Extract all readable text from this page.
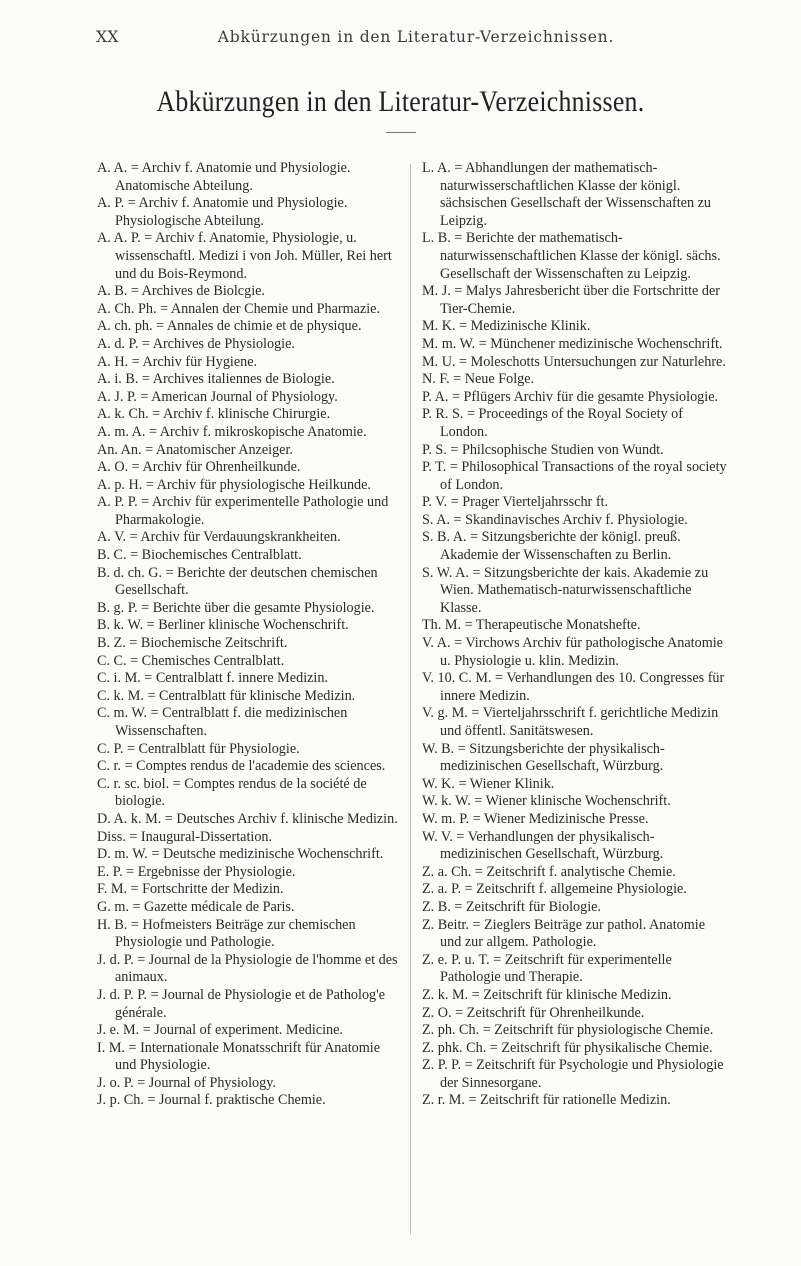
XX	Abkürzungen in den Literatur-Verzeichnissen.
Abkürzungen in den Literatur-Verzeichnissen.

A. A. = Archiv f. Anatomie und Physiologie. Anatomische Abteilung.

A. P. = Archiv f. Anatomie und Physiologie. Physiologische Abteilung.

A. A. P. = Archiv f. Anatomie, Physiologie, u. wissenschaftl. Medizi i von Joh. Müller, Rei hert und du Bois-Reymond.

A. B. = Archives de Biolcgie.

A. Ch. Ph. = Annalen der Chemie und Pharmazie.

A. ch. ph. = Annales de chimie et de physique.

A. d. P. = Archives de Physiologie.

A. H. = Archiv für Hygiene.

A. i. B. = Archives italiennes de Biologie.

A. J. P. = American Journal of Physiology.

A. k. Ch. = Archiv f. klinische Chirurgie.

A. m. A. = Archiv f. mikroskopische Anatomie.

An. An. = Anatomischer Anzeiger.

A. O. = Archiv für Ohrenheilkunde.

A. p. H. = Archiv für physiologische Heilkunde.

A. P. P. = Archiv für experimentelle Pathologie und Pharmakologie.

A. V. = Archiv für Verdauungskrankheiten.

B. C. = Biochemisches Centralblatt.

B. d. ch. G. = Berichte der deutschen chemischen Gesellschaft.

B. g. P. = Berichte über die gesamte Physiologie.

B. k. W. = Berliner klinische Wochenschrift.

B. Z. = Biochemische Zeitschrift.

C. C. = Chemisches Centralblatt.

C. i. M. = Centralblatt f. innere Medizin.

C. k. M. = Centralblatt für klinische Medizin.

C. m. W. = Centralblatt f. die medizinischen Wissenschaften.

C. P. = Centralblatt für Physiologie.

C. r. = Comptes rendus de l'academie des sciences.

C. r. sc. biol. = Comptes rendus de la société de biologie.

D. A. k. M. = Deutsches Archiv f. klinische Medizin.

Diss. = Inaugural-Dissertation.

D. m. W. = Deutsche medizinische Wochenschrift.

E. P. = Ergebnisse der Physiologie.

F. M. = Fortschritte der Medizin.

G. m. = Gazette médicale de Paris.

H. B. = Hofmeisters Beiträge zur chemischen Physiologie und Pathologie.

J. d. P. = Journal de la Physiologie de l'homme et des animaux.

J. d. P. P. = Journal de Physiologie et de Patholog'e générale.

J. e. M. = Journal of experiment. Medicine.

I. M. = Internationale Monatsschrift für Anatomie und Physiologie.

J. o. P. = Journal of Physiology.

J. p. Ch. = Journal f. praktische Chemie.

L. A. = Abhandlungen der mathematisch-naturwisserschaftlichen Klasse der königl. sächsischen Gesellschaft der Wissenschaften zu Leipzig.

L. B. = Berichte der mathematisch-naturwissenschaftlichen Klasse der königl. sächs. Gesellschaft der Wissenschaften zu Leipzig.

M. J. = Malys Jahresbericht über die Fortschritte der Tier-Chemie.

M. K. = Medizinische Klinik.

M. m. W. = Münchener medizinische Wochenschrift.

M. U. = Moleschotts Untersuchungen zur Naturlehre.

N. F. = Neue Folge.

P. A. = Pflügers Archiv für die gesamte Physiologie.

P. R. S. = Proceedings of the Royal Society of London.

P. S. = Philcsophische Studien von Wundt.

P. T. = Philosophical Transactions of the royal society of London.

P. V. = Prager Vierteljahrsschr ft.

S. A. = Skandinavisches Archiv f. Physiologie.

S. B. A. = Sitzungsberichte der königl. preuß. Akademie der Wissenschaften zu Berlin.

S. W. A. = Sitzungsberichte der kais. Akademie zu Wien. Mathematisch-naturwissenschaftliche Klasse.

Th. M. = Therapeutische Monatshefte.

V. A. = Virchows Archiv für pathologische Anatomie u. Physiologie u. klin. Medizin.

V. 10. C. M. = Verhandlungen des 10. Congresses für innere Medizin.

V. g. M. = Vierteljahrsschrift f. gerichtliche Medizin und öffentl. Sanitätswesen.

W. B. = Sitzungsberichte der physikalisch-medizinischen Gesellschaft, Würzburg.

W. K. = Wiener Klinik.

W. k. W. = Wiener klinische Wochenschrift.

W. m. P. = Wiener Medizinische Presse.

W. V. = Verhandlungen der physikalisch-medizinischen Gesellschaft, Würzburg.

Z. a. Ch. = Zeitschrift f. analytische Chemie.

Z. a. P. = Zeitschrift f. allgemeine Physiologie.

Z. B. = Zeitschrift für Biologie.

Z. Beitr. = Zieglers Beiträge zur pathol. Anatomie und zur allgem. Pathologie.

Z. e. P. u. T. = Zeitschrift für experimentelle Pathologie und Therapie.

Z. k. M. = Zeitschrift für klinische Medizin.

Z. O. = Zeitschrift für Ohrenheilkunde.

Z. ph. Ch. = Zeitschrift für physiologische Chemie.

Z. phk. Ch. = Zeitschrift für physikalische Chemie.

Z. P. P. = Zeitschrift für Psychologie und Physiologie der Sinnesorgane.

Z. r. M. = Zeitschrift für rationelle Medizin.
